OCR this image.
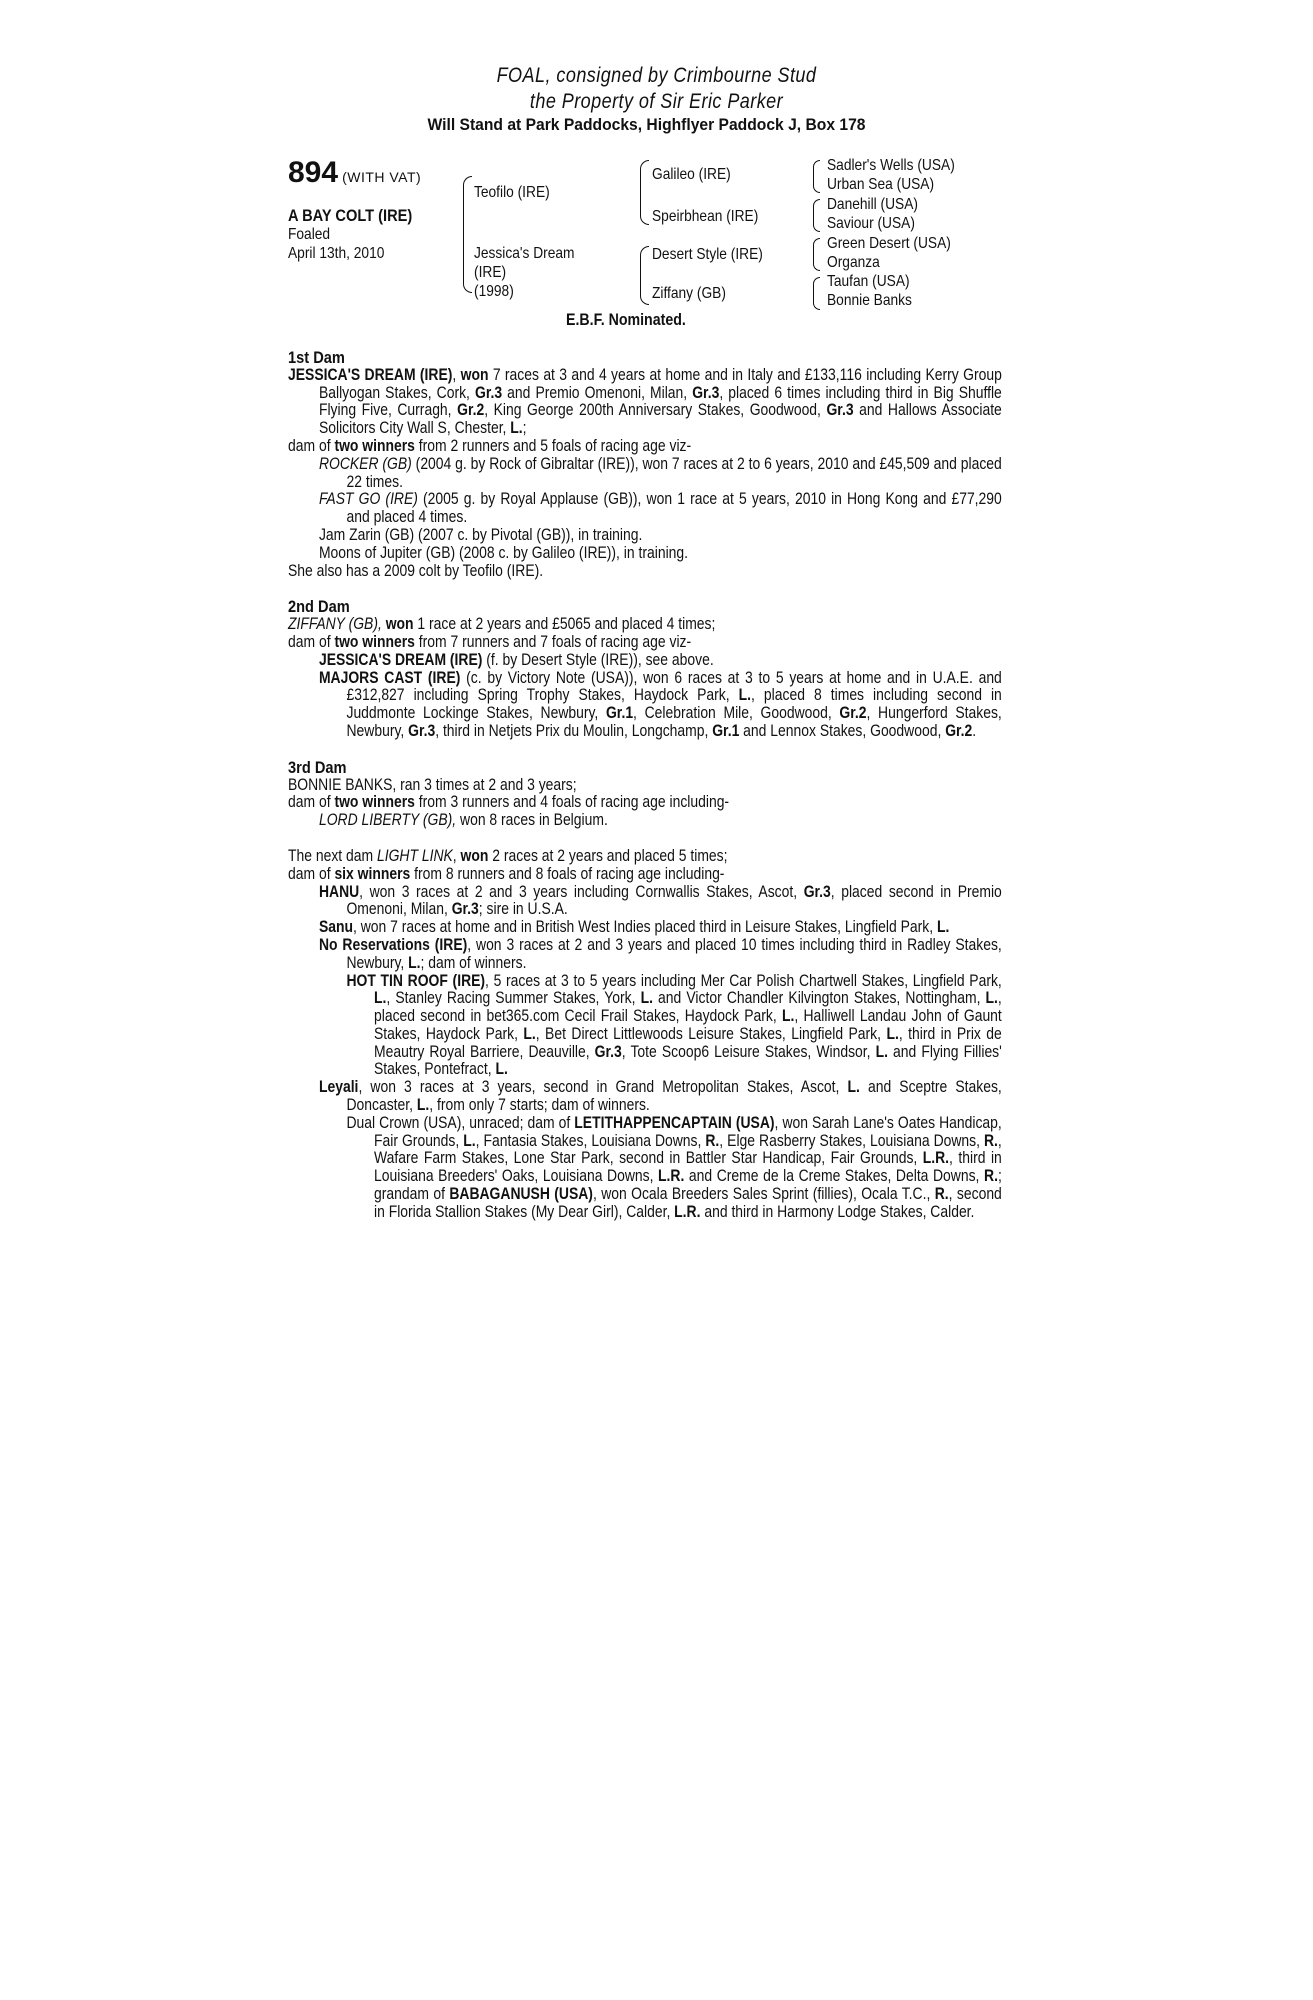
FOAL, consigned by Crimbourne Stud
the Property of Sir Eric Parker
Will Stand at Park Paddocks, Highflyer Paddock J, Box 178
894 (WITH VAT)
A BAY COLT (IRE)
Foaled
April 13th, 2010
Teofilo (IRE)
Jessica's Dream
(IRE)
(1998)
Galileo (IRE)
Speirbhean (IRE)
Desert Style (IRE)
Ziffany (GB)
Sadler's Wells (USA)
Urban Sea (USA)
Danehill (USA)
Saviour (USA)
Green Desert (USA)
Organza
Taufan (USA)
Bonnie Banks
E.B.F. Nominated.
1st Dam

JESSICA'S DREAM (IRE), won 7 races at 3 and 4 years at home and in Italy and £133,116 including Kerry Group Ballyogan Stakes, Cork, Gr.3 and Premio Omenoni, Milan, Gr.3, placed 6 times including third in Big Shuffle Flying Five, Curragh, Gr.2, King George 200th Anniversary Stakes, Goodwood, Gr.3 and Hallows Associate Solicitors City Wall S, Chester, L.;

dam of two winners from 2 runners and 5 foals of racing age viz-

ROCKER (GB) (2004 g. by Rock of Gibraltar (IRE)), won 7 races at 2 to 6 years, 2010 and £45,509 and placed 22 times.

FAST GO (IRE) (2005 g. by Royal Applause (GB)), won 1 race at 5 years, 2010 in Hong Kong and £77,290 and placed 4 times.

Jam Zarin (GB) (2007 c. by Pivotal (GB)), in training.

Moons of Jupiter (GB) (2008 c. by Galileo (IRE)), in training.

She also has a 2009 colt by Teofilo (IRE).

2nd Dam

ZIFFANY (GB), won 1 race at 2 years and £5065 and placed 4 times;

dam of two winners from 7 runners and 7 foals of racing age viz-

JESSICA'S DREAM (IRE) (f. by Desert Style (IRE)), see above.

MAJORS CAST (IRE) (c. by Victory Note (USA)), won 6 races at 3 to 5 years at home and in U.A.E. and £312,827 including Spring Trophy Stakes, Haydock Park, L., placed 8 times including second in Juddmonte Lockinge Stakes, Newbury, Gr.1, Celebration Mile, Goodwood, Gr.2, Hungerford Stakes, Newbury, Gr.3, third in Netjets Prix du Moulin, Longchamp, Gr.1 and Lennox Stakes, Goodwood, Gr.2.

3rd Dam

BONNIE BANKS, ran 3 times at 2 and 3 years;

dam of two winners from 3 runners and 4 foals of racing age including-

LORD LIBERTY (GB), won 8 races in Belgium.

The next dam LIGHT LINK, won 2 races at 2 years and placed 5 times;

dam of six winners from 8 runners and 8 foals of racing age including-

HANU, won 3 races at 2 and 3 years including Cornwallis Stakes, Ascot, Gr.3, placed second in Premio Omenoni, Milan, Gr.3; sire in U.S.A.

Sanu, won 7 races at home and in British West Indies placed third in Leisure Stakes, Lingfield Park, L.

No Reservations (IRE), won 3 races at 2 and 3 years and placed 10 times including third in Radley Stakes, Newbury, L.; dam of winners.

HOT TIN ROOF (IRE), 5 races at 3 to 5 years including Mer Car Polish Chartwell Stakes, Lingfield Park, L., Stanley Racing Summer Stakes, York, L. and Victor Chandler Kilvington Stakes, Nottingham, L., placed second in bet365.com Cecil Frail Stakes, Haydock Park, L., Halliwell Landau John of Gaunt Stakes, Haydock Park, L., Bet Direct Littlewoods Leisure Stakes, Lingfield Park, L., third in Prix de Meautry Royal Barriere, Deauville, Gr.3, Tote Scoop6 Leisure Stakes, Windsor, L. and Flying Fillies' Stakes, Pontefract, L.

Leyali, won 3 races at 3 years, second in Grand Metropolitan Stakes, Ascot, L. and Sceptre Stakes, Doncaster, L., from only 7 starts; dam of winners.

Dual Crown (USA), unraced; dam of LETITHAPPENCAPTAIN (USA), won Sarah Lane's Oates Handicap, Fair Grounds, L., Fantasia Stakes, Louisiana Downs, R., Elge Rasberry Stakes, Louisiana Downs, R., Wafare Farm Stakes, Lone Star Park, second in Battler Star Handicap, Fair Grounds, L.R., third in Louisiana Breeders' Oaks, Louisiana Downs, L.R. and Creme de la Creme Stakes, Delta Downs, R.; grandam of BABAGANUSH (USA), won Ocala Breeders Sales Sprint (fillies), Ocala T.C., R., second in Florida Stallion Stakes (My Dear Girl), Calder, L.R. and third in Harmony Lodge Stakes, Calder.
